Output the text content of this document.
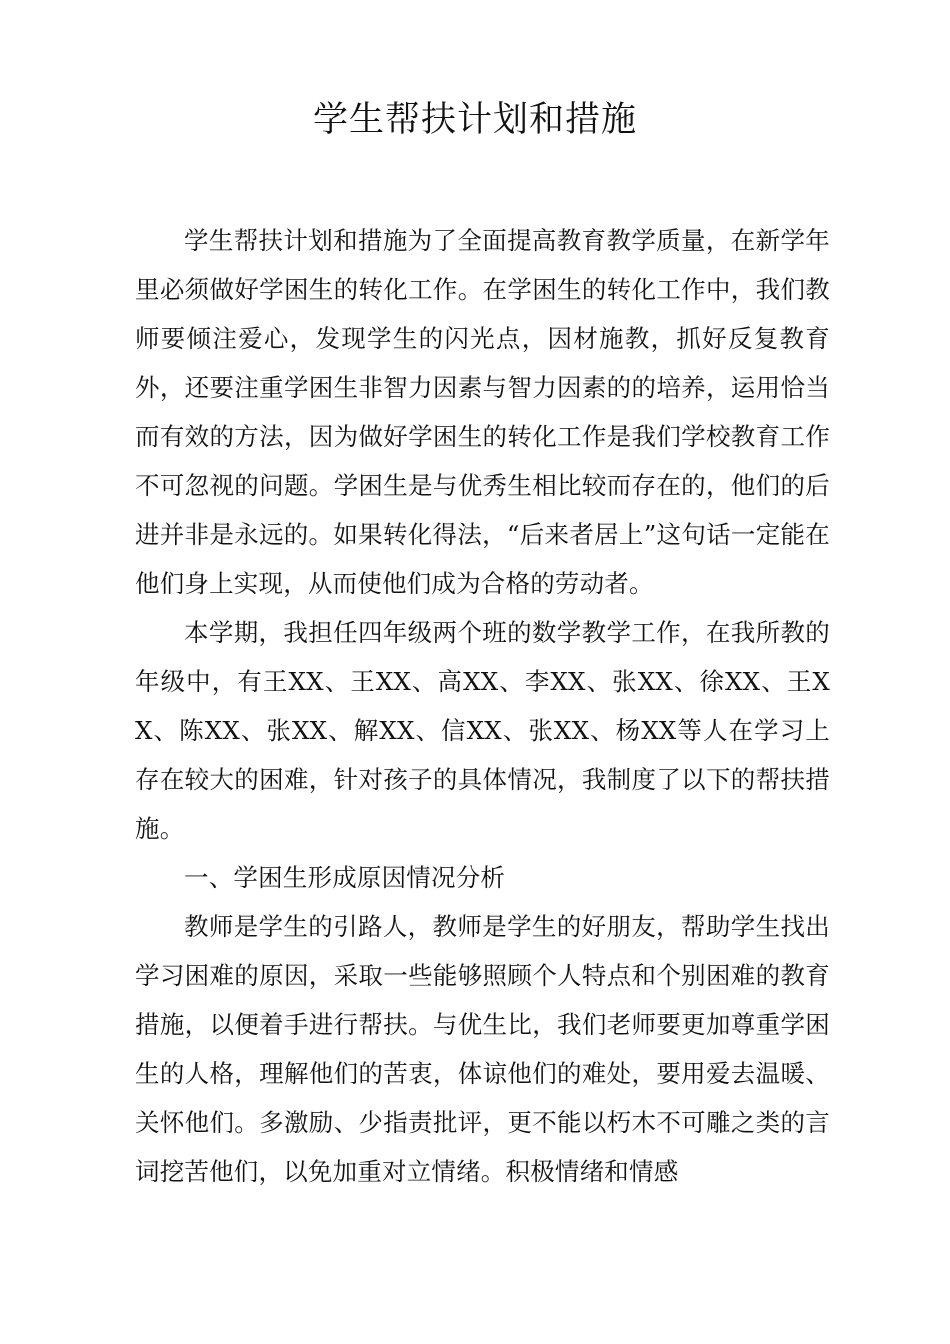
学生帮扶计划和措施

学生帮扶计划和措施为了全面提高教育教学质量，在新学年里必须做好学困生的转化工作。在学困生的转化工作中，我们教师要倾注爱心，发现学生的闪光点，因材施教，抓好反复教育外，还要注重学困生非智力因素与智力因素的的培养，运用恰当而有效的方法，因为做好学困生的转化工作是我们学校教育工作不可忽视的问题。学困生是与优秀生相比较而存在的，他们的后进并非是永远的。如果转化得法，“后来者居上”这句话一定能在他们身上实现，从而使他们成为合格的劳动者。

本学期，我担任四年级两个班的数学教学工作，在我所教的年级中，有王XX、王XX、高XX、李XX、张XX、徐XX、王XX、陈XX、张XX、解XX、信XX、张XX、杨XX等人在学习上存在较大的困难，针对孩子的具体情况，我制度了以下的帮扶措施。

一、学困生形成原因情况分析

教师是学生的引路人，教师是学生的好朋友，帮助学生找出学习困难的原因，采取一些能够照顾个人特点和个别困难的教育措施，以便着手进行帮扶。与优生比，我们老师要更加尊重学困生的人格，理解他们的苦衷，体谅他们的难处，要用爱去温暖、关怀他们。多激励、少指责批评，更不能以朽木不可雕之类的言词挖苦他们，以免加重对立情绪。积极情绪和情感
